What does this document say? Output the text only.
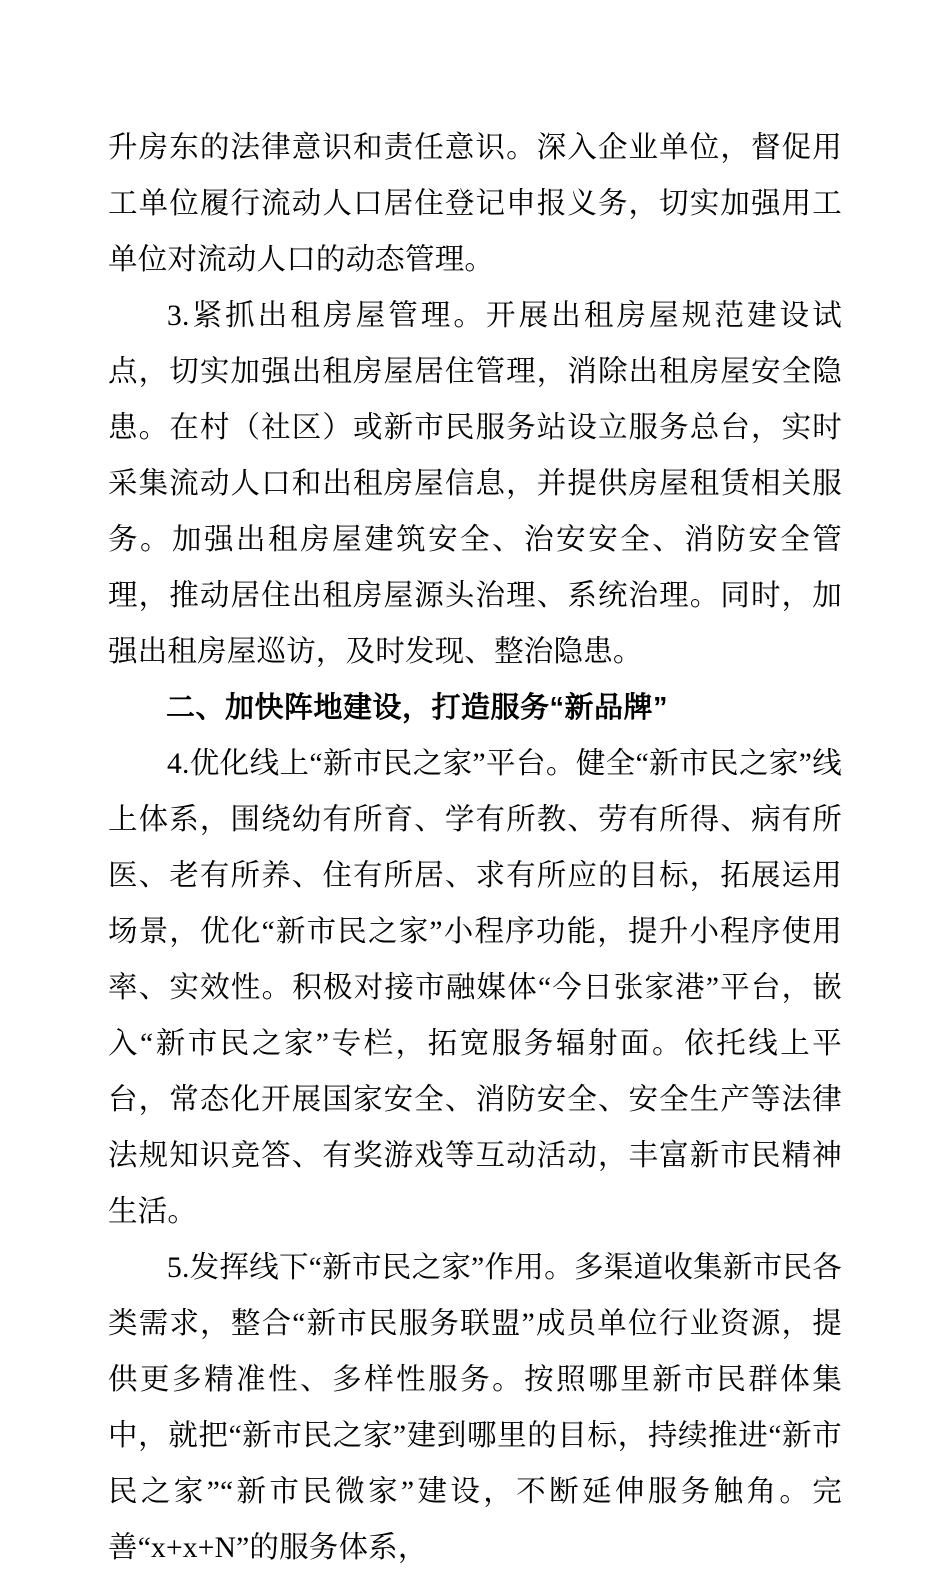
升房东的法律意识和责任意识。深入企业单位，督促用工单位履行流动人口居住登记申报义务，切实加强用工单位对流动人口的动态管理。

3.紧抓出租房屋管理。开展出租房屋规范建设试点，切实加强出租房屋居住管理，消除出租房屋安全隐患。在村（社区）或新市民服务站设立服务总台，实时采集流动人口和出租房屋信息，并提供房屋租赁相关服务。加强出租房屋建筑安全、治安安全、消防安全管理，推动居住出租房屋源头治理、系统治理。同时，加强出租房屋巡访，及时发现、整治隐患。

二、加快阵地建设，打造服务“新品牌”

4.优化线上“新市民之家”平台。健全“新市民之家”线上体系，围绕幼有所育、学有所教、劳有所得、病有所医、老有所养、住有所居、求有所应的目标，拓展运用场景，优化“新市民之家”小程序功能，提升小程序使用率、实效性。积极对接市融媒体“今日张家港”平台，嵌入“新市民之家”专栏，拓宽服务辐射面。依托线上平台，常态化开展国家安全、消防安全、安全生产等法律法规知识竞答、有奖游戏等互动活动，丰富新市民精神生活。

5.发挥线下“新市民之家”作用。多渠道收集新市民各类需求，整合“新市民服务联盟”成员单位行业资源，提供更多精准性、多样性服务。按照哪里新市民群体集中，就把“新市民之家”建到哪里的目标，持续推进“新市民之家”“新市民微家”建设，不断延伸服务触角。完善“x+x+N”的服务体系，
